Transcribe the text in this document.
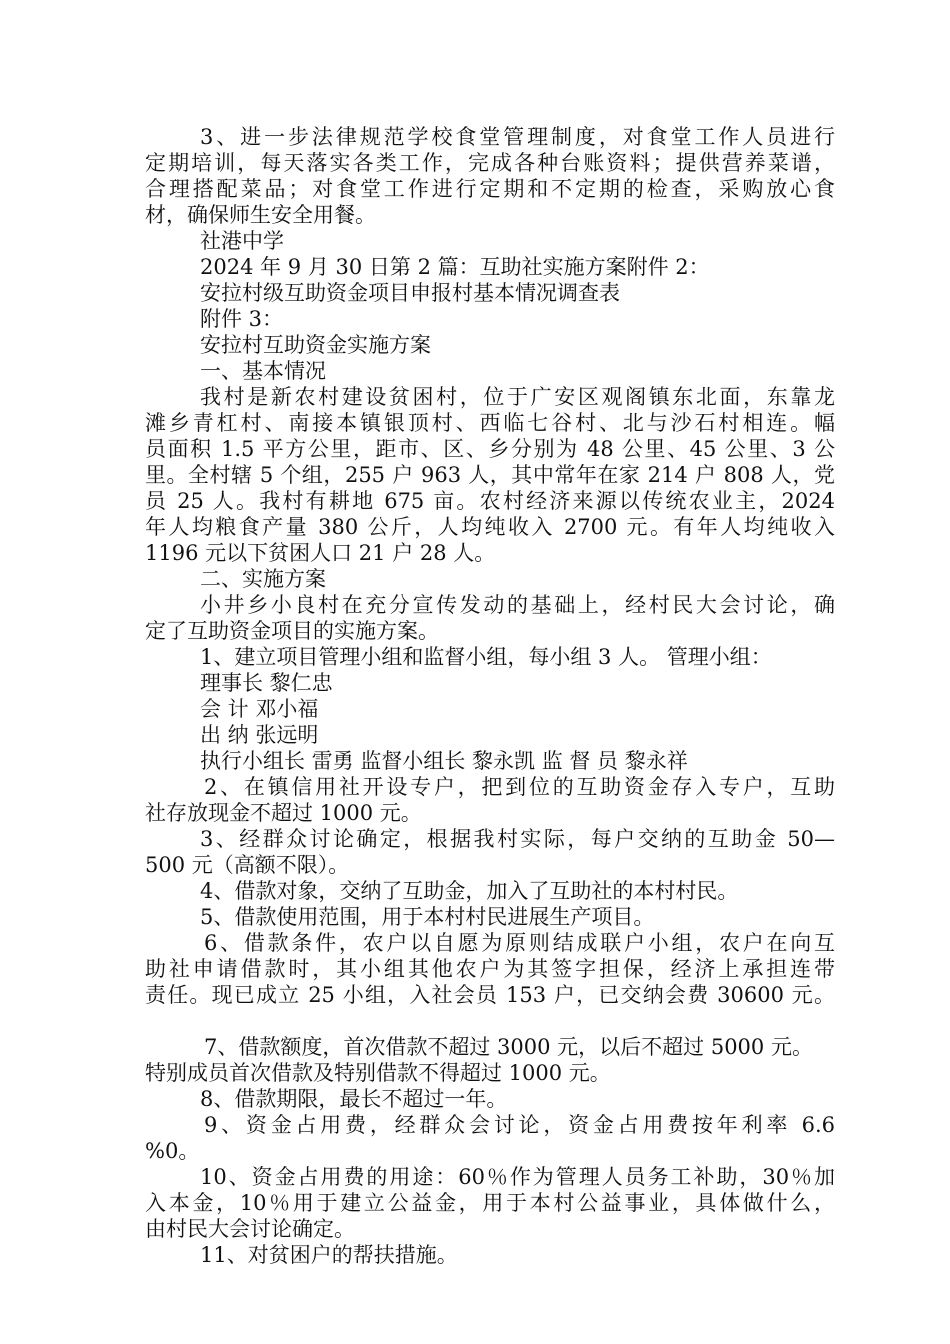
3、进一步法律规范学校食堂管理制度，对食堂工作人员进行
定期培训，每天落实各类工作，完成各种台账资料；提供营养菜谱，
合理搭配菜品；对食堂工作进行定期和不定期的检查，采购放心食
材，确保师生安全用餐。
社港中学
2024 年 9 月 30 日第 2 篇：互助社实施方案附件 2：
安拉村级互助资金项目申报村基本情况调查表
附件 3：
安拉村互助资金实施方案
一、基本情况
我村是新农村建设贫困村，位于广安区观阁镇东北面，东靠龙
滩乡青杠村、南接本镇银顶村、西临七谷村、北与沙石村相连。幅
员面积 1.5 平方公里，距市、区、乡分别为 48 公里、45 公里、3 公
里。全村辖 5 个组，255 户 963 人，其中常年在家 214 户 808 人，党
员 25 人。我村有耕地 675 亩。农村经济来源以传统农业主，2024
年人均粮食产量 380 公斤，人均纯收入 2700 元。有年人均纯收入
1196 元以下贫困人口 21 户 28 人。
二、实施方案
小井乡小良村在充分宣传发动的基础上，经村民大会讨论，确
定了互助资金项目的实施方案。
1、建立项目管理小组和监督小组，每小组 3 人。 管理小组：
理事长 黎仁忠
会 计 邓小福
出 纳 张远明
执行小组长 雷勇 监督小组长 黎永凯 监 督 员 黎永祥
2、在镇信用社开设专户，把到位的互助资金存入专户，互助
社存放现金不超过 1000 元。
3、经群众讨论确定，根据我村实际，每户交纳的互助金 50—
500 元（高额不限）。
4、借款对象，交纳了互助金，加入了互助社的本村村民。
5、借款使用范围，用于本村村民进展生产项目。
6、借款条件，农户以自愿为原则结成联户小组，农户在向互
助社申请借款时，其小组其他农户为其签字担保，经济上承担连带
责任。现已成立 25 小组，入社会员 153 户，已交纳会费 30600 元。
7、借款额度，首次借款不超过 3000 元，以后不超过 5000 元。
特别成员首次借款及特别借款不得超过 1000 元。
8、借款期限，最长不超过一年。
9、资金占用费，经群众会讨论，资金占用费按年利率 6.6
%0。
10、资金占用费的用途：60％作为管理人员务工补助，30％加
入本金，10％用于建立公益金，用于本村公益事业，具体做什么，
由村民大会讨论确定。
11、对贫困户的帮扶措施。
